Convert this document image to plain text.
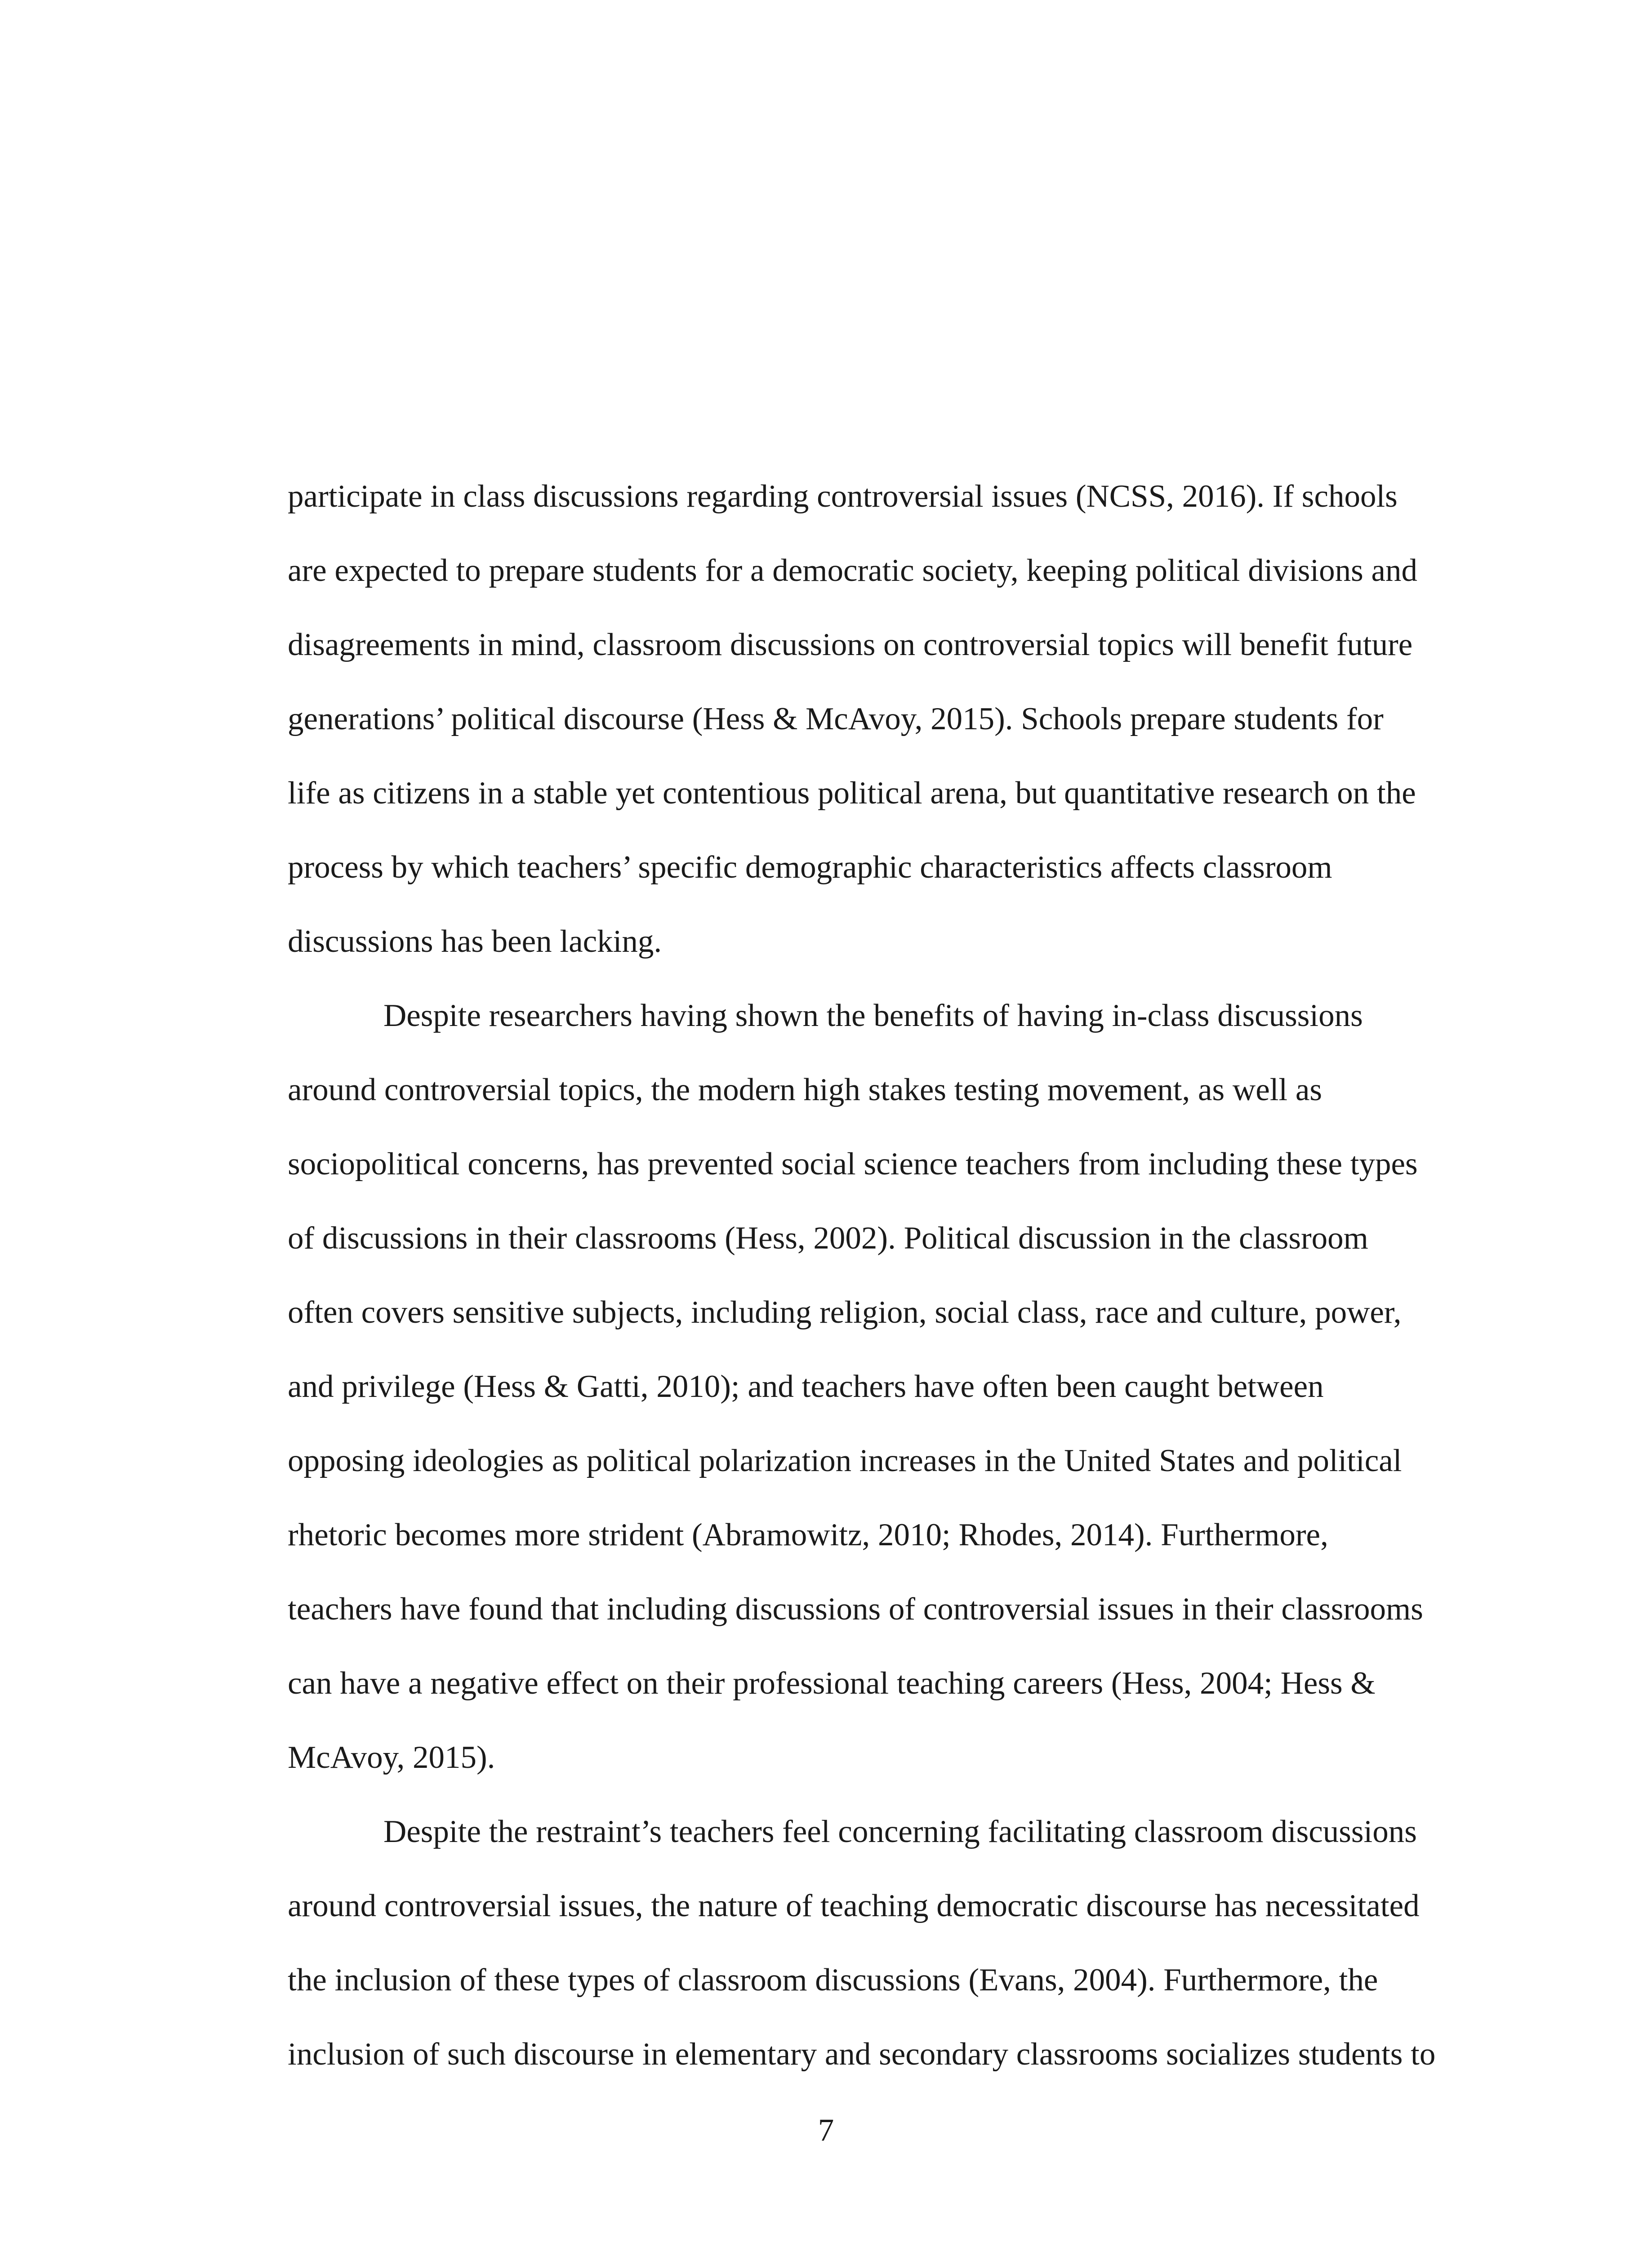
participate in class discussions regarding controversial issues (NCSS, 2016). If schools
are expected to prepare students for a democratic society, keeping political divisions and
disagreements in mind, classroom discussions on controversial topics will benefit future
generations’ political discourse (Hess & McAvoy, 2015). Schools prepare students for
life as citizens in a stable yet contentious political arena, but quantitative research on the
process by which teachers’ specific demographic characteristics affects classroom
discussions has been lacking.
Despite researchers having shown the benefits of having in-class discussions
around controversial topics, the modern high stakes testing movement, as well as
sociopolitical concerns, has prevented social science teachers from including these types
of discussions in their classrooms (Hess, 2002). Political discussion in the classroom
often covers sensitive subjects, including religion, social class, race and culture, power,
and privilege (Hess & Gatti, 2010); and teachers have often been caught between
opposing ideologies as political polarization increases in the United States and political
rhetoric becomes more strident (Abramowitz, 2010; Rhodes, 2014). Furthermore,
teachers have found that including discussions of controversial issues in their classrooms
can have a negative effect on their professional teaching careers (Hess, 2004; Hess &
McAvoy, 2015).
Despite the restraint’s teachers feel concerning facilitating classroom discussions
around controversial issues, the nature of teaching democratic discourse has necessitated
the inclusion of these types of classroom discussions (Evans, 2004). Furthermore, the
inclusion of such discourse in elementary and secondary classrooms socializes students to
7
